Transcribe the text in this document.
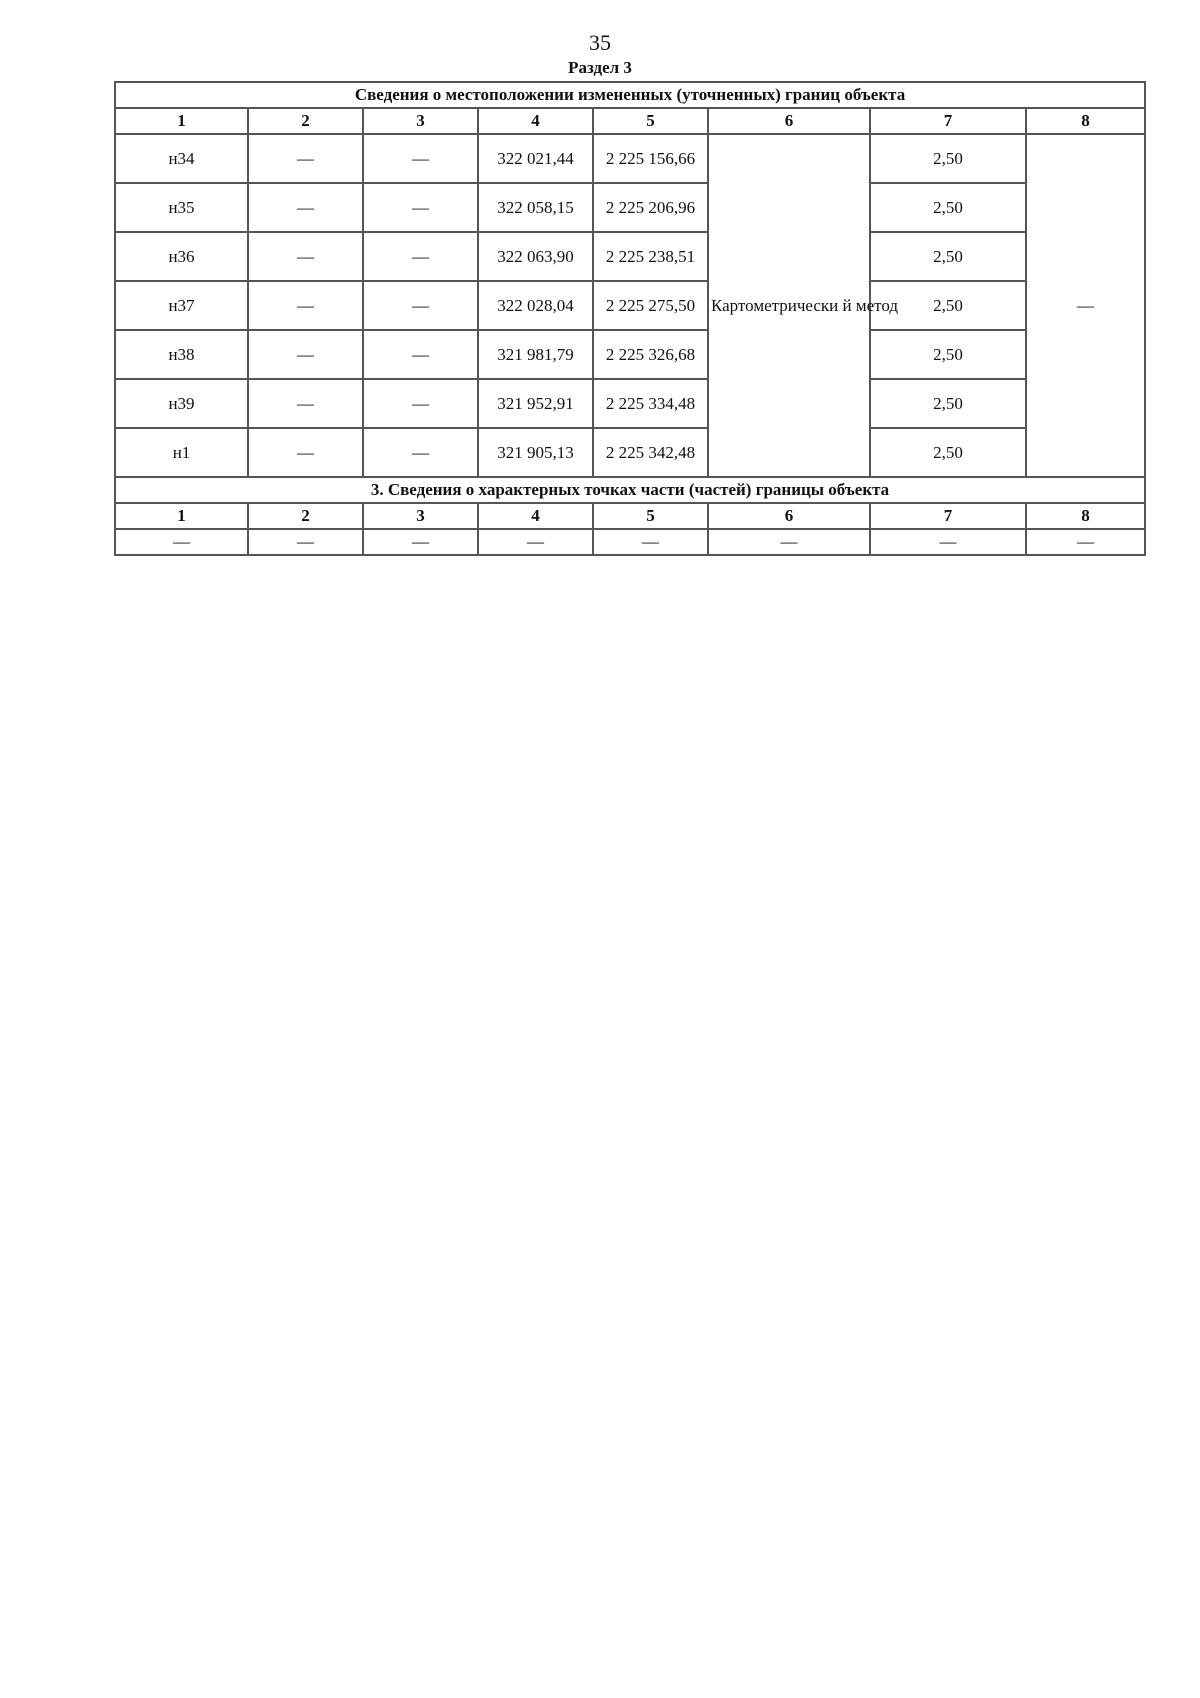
35
Раздел 3
Сведения о местоположении измененных (уточненных) границ объекта							
1	2	3	4	5	6	7	8
н34	—	—	322 021,44	2 225 156,66	Картометрически й метод	2,50	—
н35	—	—	322 058,15	2 225 206,96		2,50	
н36	—	—	322 063,90	2 225 238,51		2,50	
н37	—	—	322 028,04	2 225 275,50		2,50	
н38	—	—	321 981,79	2 225 326,68		2,50	
н39	—	—	321 952,91	2 225 334,48		2,50	
н1	—	—	321 905,13	2 225 342,48		2,50	
3. Сведения о характерных точках части (частей) границы объекта							
1	2	3	4	5	6	7	8
—	—	—	—	—	—	—	—
